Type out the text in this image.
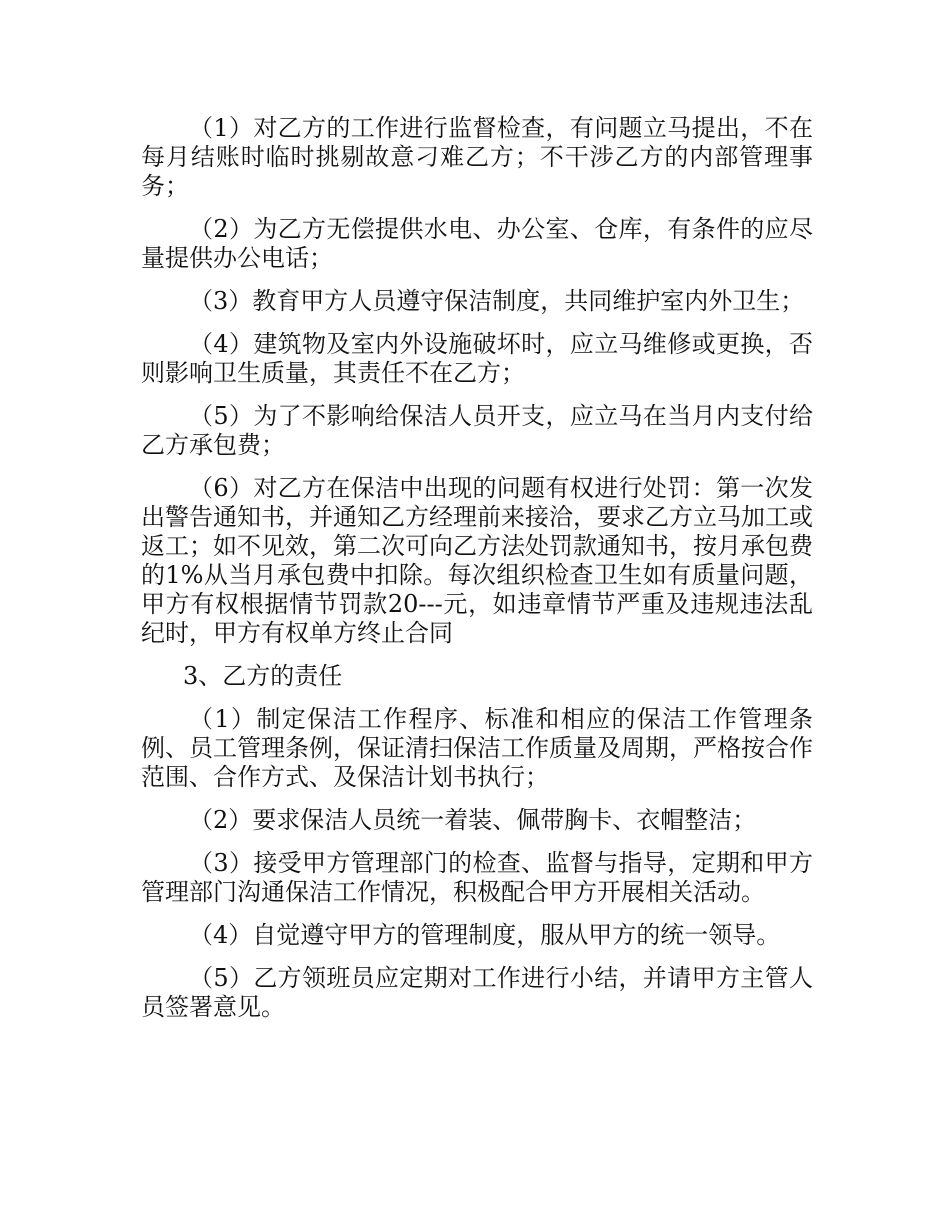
（1）对乙方的工作进行监督检查，有问题立马提出，不在每月结账时临时挑剔故意刁难乙方；不干涉乙方的内部管理事务；

（2）为乙方无偿提供水电、办公室、仓库，有条件的应尽量提供办公电话；

（3）教育甲方人员遵守保洁制度，共同维护室内外卫生；

（4）建筑物及室内外设施破坏时，应立马维修或更换，否则影响卫生质量，其责任不在乙方；

（5）为了不影响给保洁人员开支，应立马在当月内支付给乙方承包费；

（6）对乙方在保洁中出现的问题有权进行处罚：第一次发出警告通知书，并通知乙方经理前来接洽，要求乙方立马加工或返工；如不见效，第二次可向乙方法处罚款通知书，按月承包费的1%从当月承包费中扣除。每次组织检查卫生如有质量问题，甲方有权根据情节罚款20---元，如违章情节严重及违规违法乱纪时，甲方有权单方终止合同

3、乙方的责任

（1）制定保洁工作程序、标准和相应的保洁工作管理条例、员工管理条例，保证清扫保洁工作质量及周期，严格按合作范围、合作方式、及保洁计划书执行；

（2）要求保洁人员统一着装、佩带胸卡、衣帽整洁；

（3）接受甲方管理部门的检查、监督与指导，定期和甲方管理部门沟通保洁工作情况，积极配合甲方开展相关活动。

（4）自觉遵守甲方的管理制度，服从甲方的统一领导。

（5）乙方领班员应定期对工作进行小结，并请甲方主管人员签署意见。
